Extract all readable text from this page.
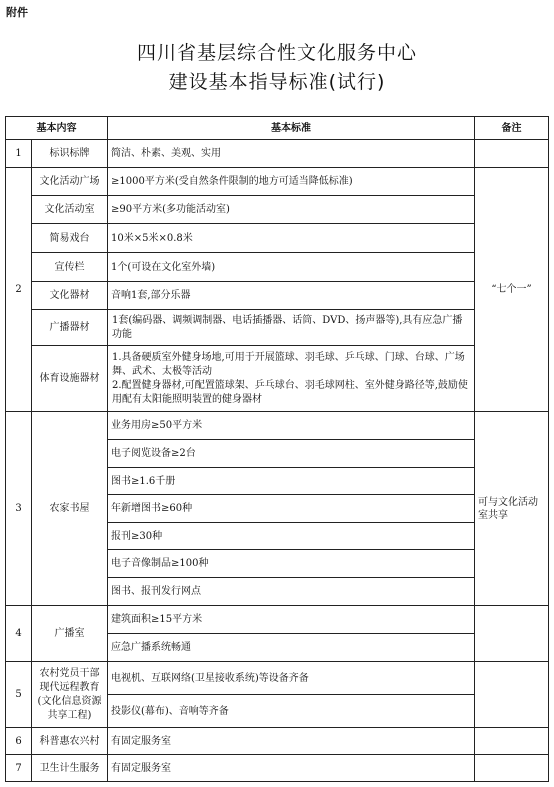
附件
四川省基层综合性文化服务中心
建设基本指导标准(试行)
基本内容		基本标准	备注
1	标识标牌	简洁、朴素、美观、实用	
2	文化活动广场	≥1000平方米(受自然条件限制的地方可适当降低标准)	“七个一”
	文化活动室	≥90平方米(多功能活动室)	
	简易戏台	10米×5米×0.8米	
	宣传栏	1个(可设在文化室外墙)	
	文化器材	音响1套,部分乐器	
	广播器材	1套(编码器、调频调制器、电话插播器、话筒、DVD、扬声器等),具有应急广播功能	
	体育设施器材	1.具备硬质室外健身场地,可用于开展篮球、羽毛球、乒乓球、门球、台球、广场舞、武术、太极等活动
2.配置健身器材,可配置篮球架、乒乓球台、羽毛球网柱、室外健身路径等,鼓励使用配有太阳能照明装置的健身器材	
3	农家书屋	业务用房≥50平方米	可与文化活动室共享
		电子阅览设备≥2台	
		图书≥1.6千册	
		年新增图书≥60种	
		报刊≥30种	
		电子音像制品≥100种	
		图书、报刊发行网点	
4	广播室	建筑面积≥15平方米	
		应急广播系统畅通	
5	农村党员干部现代远程教育(文化信息资源共享工程)	电视机、互联网络(卫星接收系统)等设备齐备	
		投影仪(幕布)、音响等齐备	
6	科普惠农兴村	有固定服务室	
7	卫生计生服务	有固定服务室	
